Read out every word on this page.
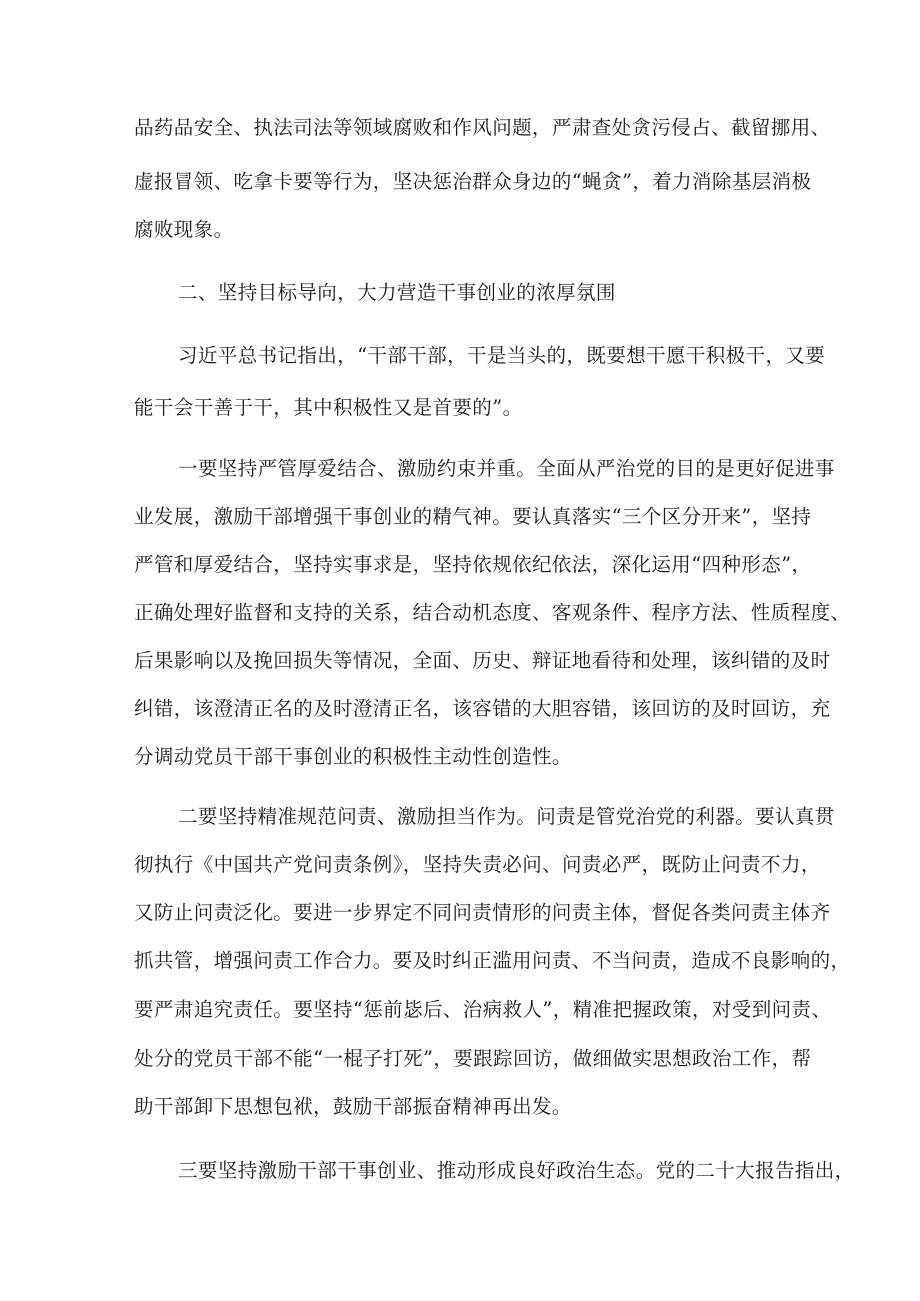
品药品安全、执法司法等领域腐败和作风问题，严肃查处贪污侵占、截留挪用、
虚报冒领、吃拿卡要等行为，坚决惩治群众身边的“蝇贪”，着力消除基层消极
腐败现象。
二、坚持目标导向，大力营造干事创业的浓厚氛围
习近平总书记指出，“干部干部，干是当头的，既要想干愿干积极干，又要
能干会干善于干，其中积极性又是首要的”。
一要坚持严管厚爱结合、激励约束并重。全面从严治党的目的是更好促进事
业发展，激励干部增强干事创业的精气神。要认真落实“三个区分开来”，坚持
严管和厚爱结合，坚持实事求是，坚持依规依纪依法，深化运用“四种形态”，
正确处理好监督和支持的关系，结合动机态度、客观条件、程序方法、性质程度、
后果影响以及挽回损失等情况，全面、历史、辩证地看待和处理，该纠错的及时
纠错，该澄清正名的及时澄清正名，该容错的大胆容错，该回访的及时回访，充
分调动党员干部干事创业的积极性主动性创造性。
二要坚持精准规范问责、激励担当作为。问责是管党治党的利器。要认真贯
彻执行《中国共产党问责条例》，坚持失责必问、问责必严，既防止问责不力，
又防止问责泛化。要进一步界定不同问责情形的问责主体，督促各类问责主体齐
抓共管，增强问责工作合力。要及时纠正滥用问责、不当问责，造成不良影响的，
要严肃追究责任。要坚持“惩前毖后、治病救人”，精准把握政策，对受到问责、
处分的党员干部不能“一棍子打死”，要跟踪回访，做细做实思想政治工作，帮
助干部卸下思想包袱，鼓励干部振奋精神再出发。
三要坚持激励干部干事创业、推动形成良好政治生态。党的二十大报告指出，
